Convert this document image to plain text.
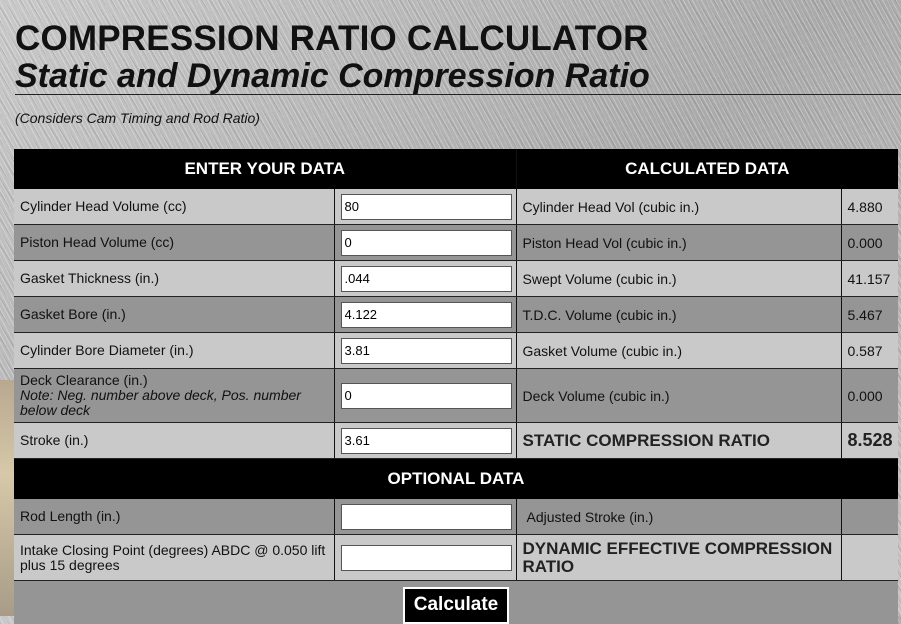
COMPRESSION RATIO CALCULATOR
Static and Dynamic Compression Ratio

(Considers Cam Timing and Rod Ratio)

ENTER YOUR DATA		CALCULATED DATA	
Cylinder Head Volume (cc)	80	Cylinder Head Vol (cubic in.)	4.880
Piston Head Volume (cc)	0	Piston Head Vol (cubic in.)	0.000
Gasket Thickness (in.)	.044	Swept Volume (cubic in.)	41.157
Gasket Bore (in.)	4.122	T.D.C. Volume (cubic in.)	5.467
Cylinder Bore Diameter (in.)	3.81	Gasket Volume (cubic in.)	0.587

Deck Clearance (in.)
Note: Neg. number above deck, Pos. number below deck
	0	Deck Volume (cubic in.)	0.000
Stroke (in.)	3.61	STATIC COMPRESSION RATIO	8.528
OPTIONAL DATA			
Rod Length (in.)		Adjusted Stroke (in.)	
Intake Closing Point (degrees) ABDC @ 0.050 lift plus 15 degrees		DYNAMIC EFFECTIVE COMPRESSION RATIO	
Calculate			
